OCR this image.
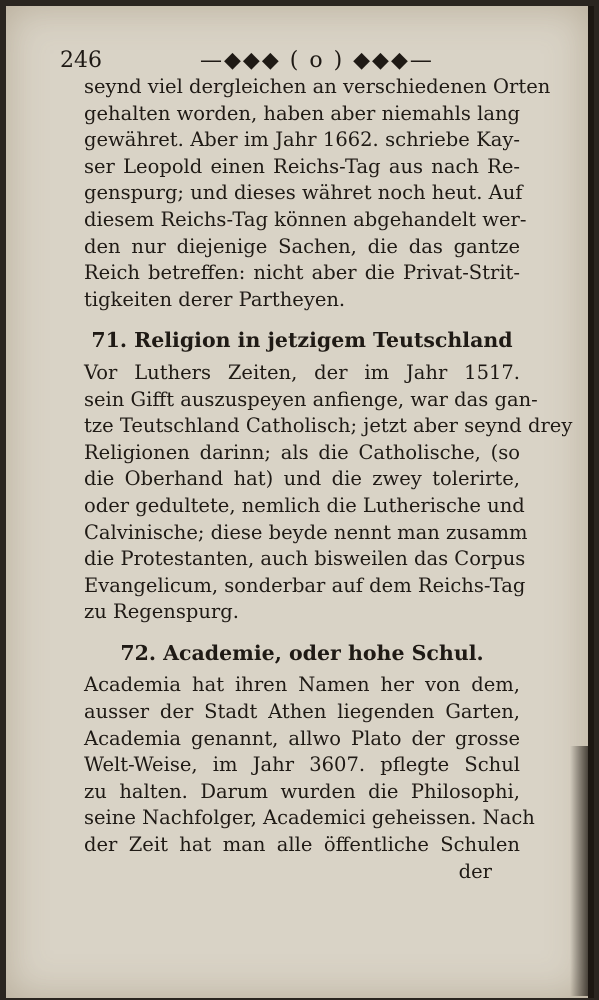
246	—◆◆◆ ( o ) ◆◆◆—

seynd viel dergleichen an verschiedenen Orten
gehalten worden, haben aber niemahls lang
gewähret. Aber im Jahr 1662. schriebe Kay-
ser Leopold einen Reichs-Tag aus nach Re-
genspurg; und dieses währet noch heut. Auf
diesem Reichs-Tag können abgehandelt wer-
den nur diejenige Sachen, die das gantze
Reich betreffen: nicht aber die Privat-Strit-
tigkeiten derer Partheyen.

71. Religion in jetzigem Teutschland

Vor Luthers Zeiten, der im Jahr 1517.
sein Gifft auszuspeyen anfienge, war das gan-
tze Teutschland Catholisch; jetzt aber seynd drey
Religionen darinn; als die Catholische, (so
die Oberhand hat) und die zwey tolerirte,
oder gedultete, nemlich die Lutherische und
Calvinische; diese beyde nennt man zusamm
die Protestanten, auch bisweilen das Corpus
Evangelicum, sonderbar auf dem Reichs-Tag
zu Regenspurg.

72. Academie, oder hohe Schul.

Academia hat ihren Namen her von dem,
ausser der Stadt Athen liegenden Garten,
Academia genannt, allwo Plato der grosse
Welt-Weise, im Jahr 3607. pflegte Schul
zu halten. Darum wurden die Philosophi,
seine Nachfolger, Academici geheissen. Nach
der Zeit hat man alle öffentliche Schulen
der
